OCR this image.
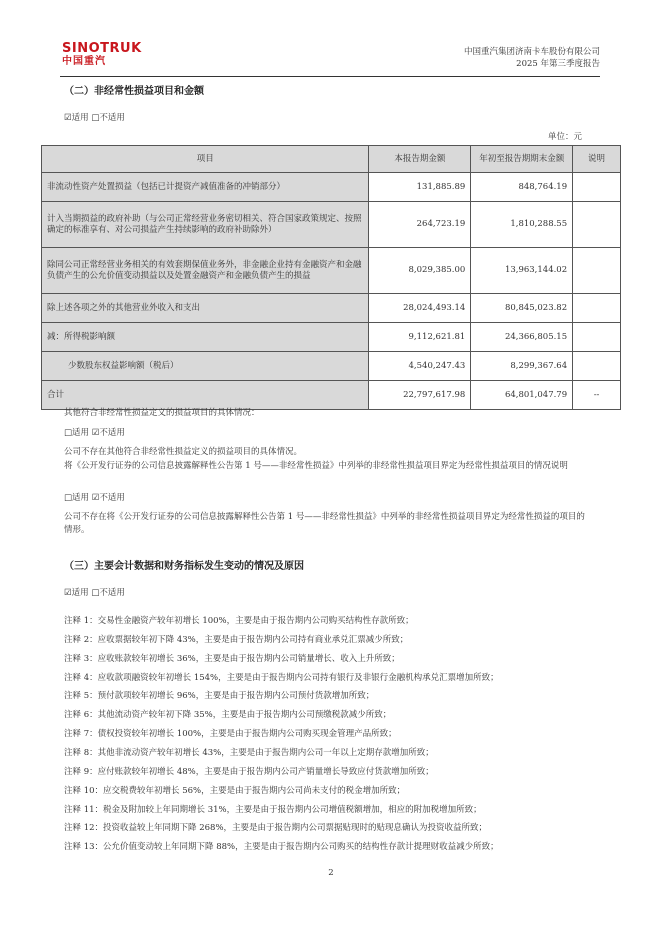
SINOTRUK
中国重汽
中国重汽集团济南卡车股份有限公司
2025 年第三季度报告
（二）非经常性损益项目和金额
☑适用 □不适用
单位：元
项目	本报告期金额	年初至报告期期末金额	说明
非流动性资产处置损益（包括已计提资产减值准备的冲销部分）	131,885.89	848,764.19	
计入当期损益的政府补助（与公司正常经营业务密切相关、符合国家政策规定、按照确定的标准享有、对公司损益产生持续影响的政府补助除外）	264,723.19	1,810,288.55	
除同公司正常经营业务相关的有效套期保值业务外，非金融企业持有金融资产和金融负债产生的公允价值变动损益以及处置金融资产和金融负债产生的损益	8,029,385.00	13,963,144.02	
除上述各项之外的其他营业外收入和支出	28,024,493.14	80,845,023.82	
减：所得税影响额	9,112,621.81	24,366,805.15	
少数股东权益影响额（税后）	4,540,247.43	8,299,367.64	
合计	22,797,617.98	64,801,047.79	--
其他符合非经常性损益定义的损益项目的具体情况：
□适用 ☑不适用
公司不存在其他符合非经常性损益定义的损益项目的具体情况。
将《公开发行证券的公司信息披露解释性公告第 1 号——非经常性损益》中列举的非经常性损益项目界定为经常性损益项目的情况说明
□适用 ☑不适用
公司不存在将《公开发行证券的公司信息披露解释性公告第 1 号——非经常性损益》中列举的非经常性损益项目界定为经常性损益的项目的情形。
（三）主要会计数据和财务指标发生变动的情况及原因
☑适用 □不适用
注释 1：交易性金融资产较年初增长 100%，主要是由于报告期内公司购买结构性存款所致；
注释 2：应收票据较年初下降 43%，主要是由于报告期内公司持有商业承兑汇票减少所致；
注释 3：应收账款较年初增长 36%，主要是由于报告期内公司销量增长、收入上升所致；
注释 4：应收款项融资较年初增长 154%，主要是由于报告期内公司持有银行及非银行金融机构承兑汇票增加所致；
注释 5：预付款项较年初增长 96%，主要是由于报告期内公司预付货款增加所致；
注释 6：其他流动资产较年初下降 35%，主要是由于报告期内公司预缴税款减少所致；
注释 7：债权投资较年初增长 100%，主要是由于报告期内公司购买现金管理产品所致；
注释 8：其他非流动资产较年初增长 43%，主要是由于报告期内公司一年以上定期存款增加所致；
注释 9：应付账款较年初增长 48%，主要是由于报告期内公司产销量增长导致应付货款增加所致；
注释 10：应交税费较年初增长 56%，主要是由于报告期内公司尚未支付的税金增加所致；
注释 11：税金及附加较上年同期增长 31%，主要是由于报告期内公司增值税额增加，相应的附加税增加所致；
注释 12：投资收益较上年同期下降 268%，主要是由于报告期内公司票据贴现时的贴现息确认为投资收益所致；
注释 13：公允价值变动较上年同期下降 88%，主要是由于报告期内公司购买的结构性存款计提理财收益减少所致；
2
